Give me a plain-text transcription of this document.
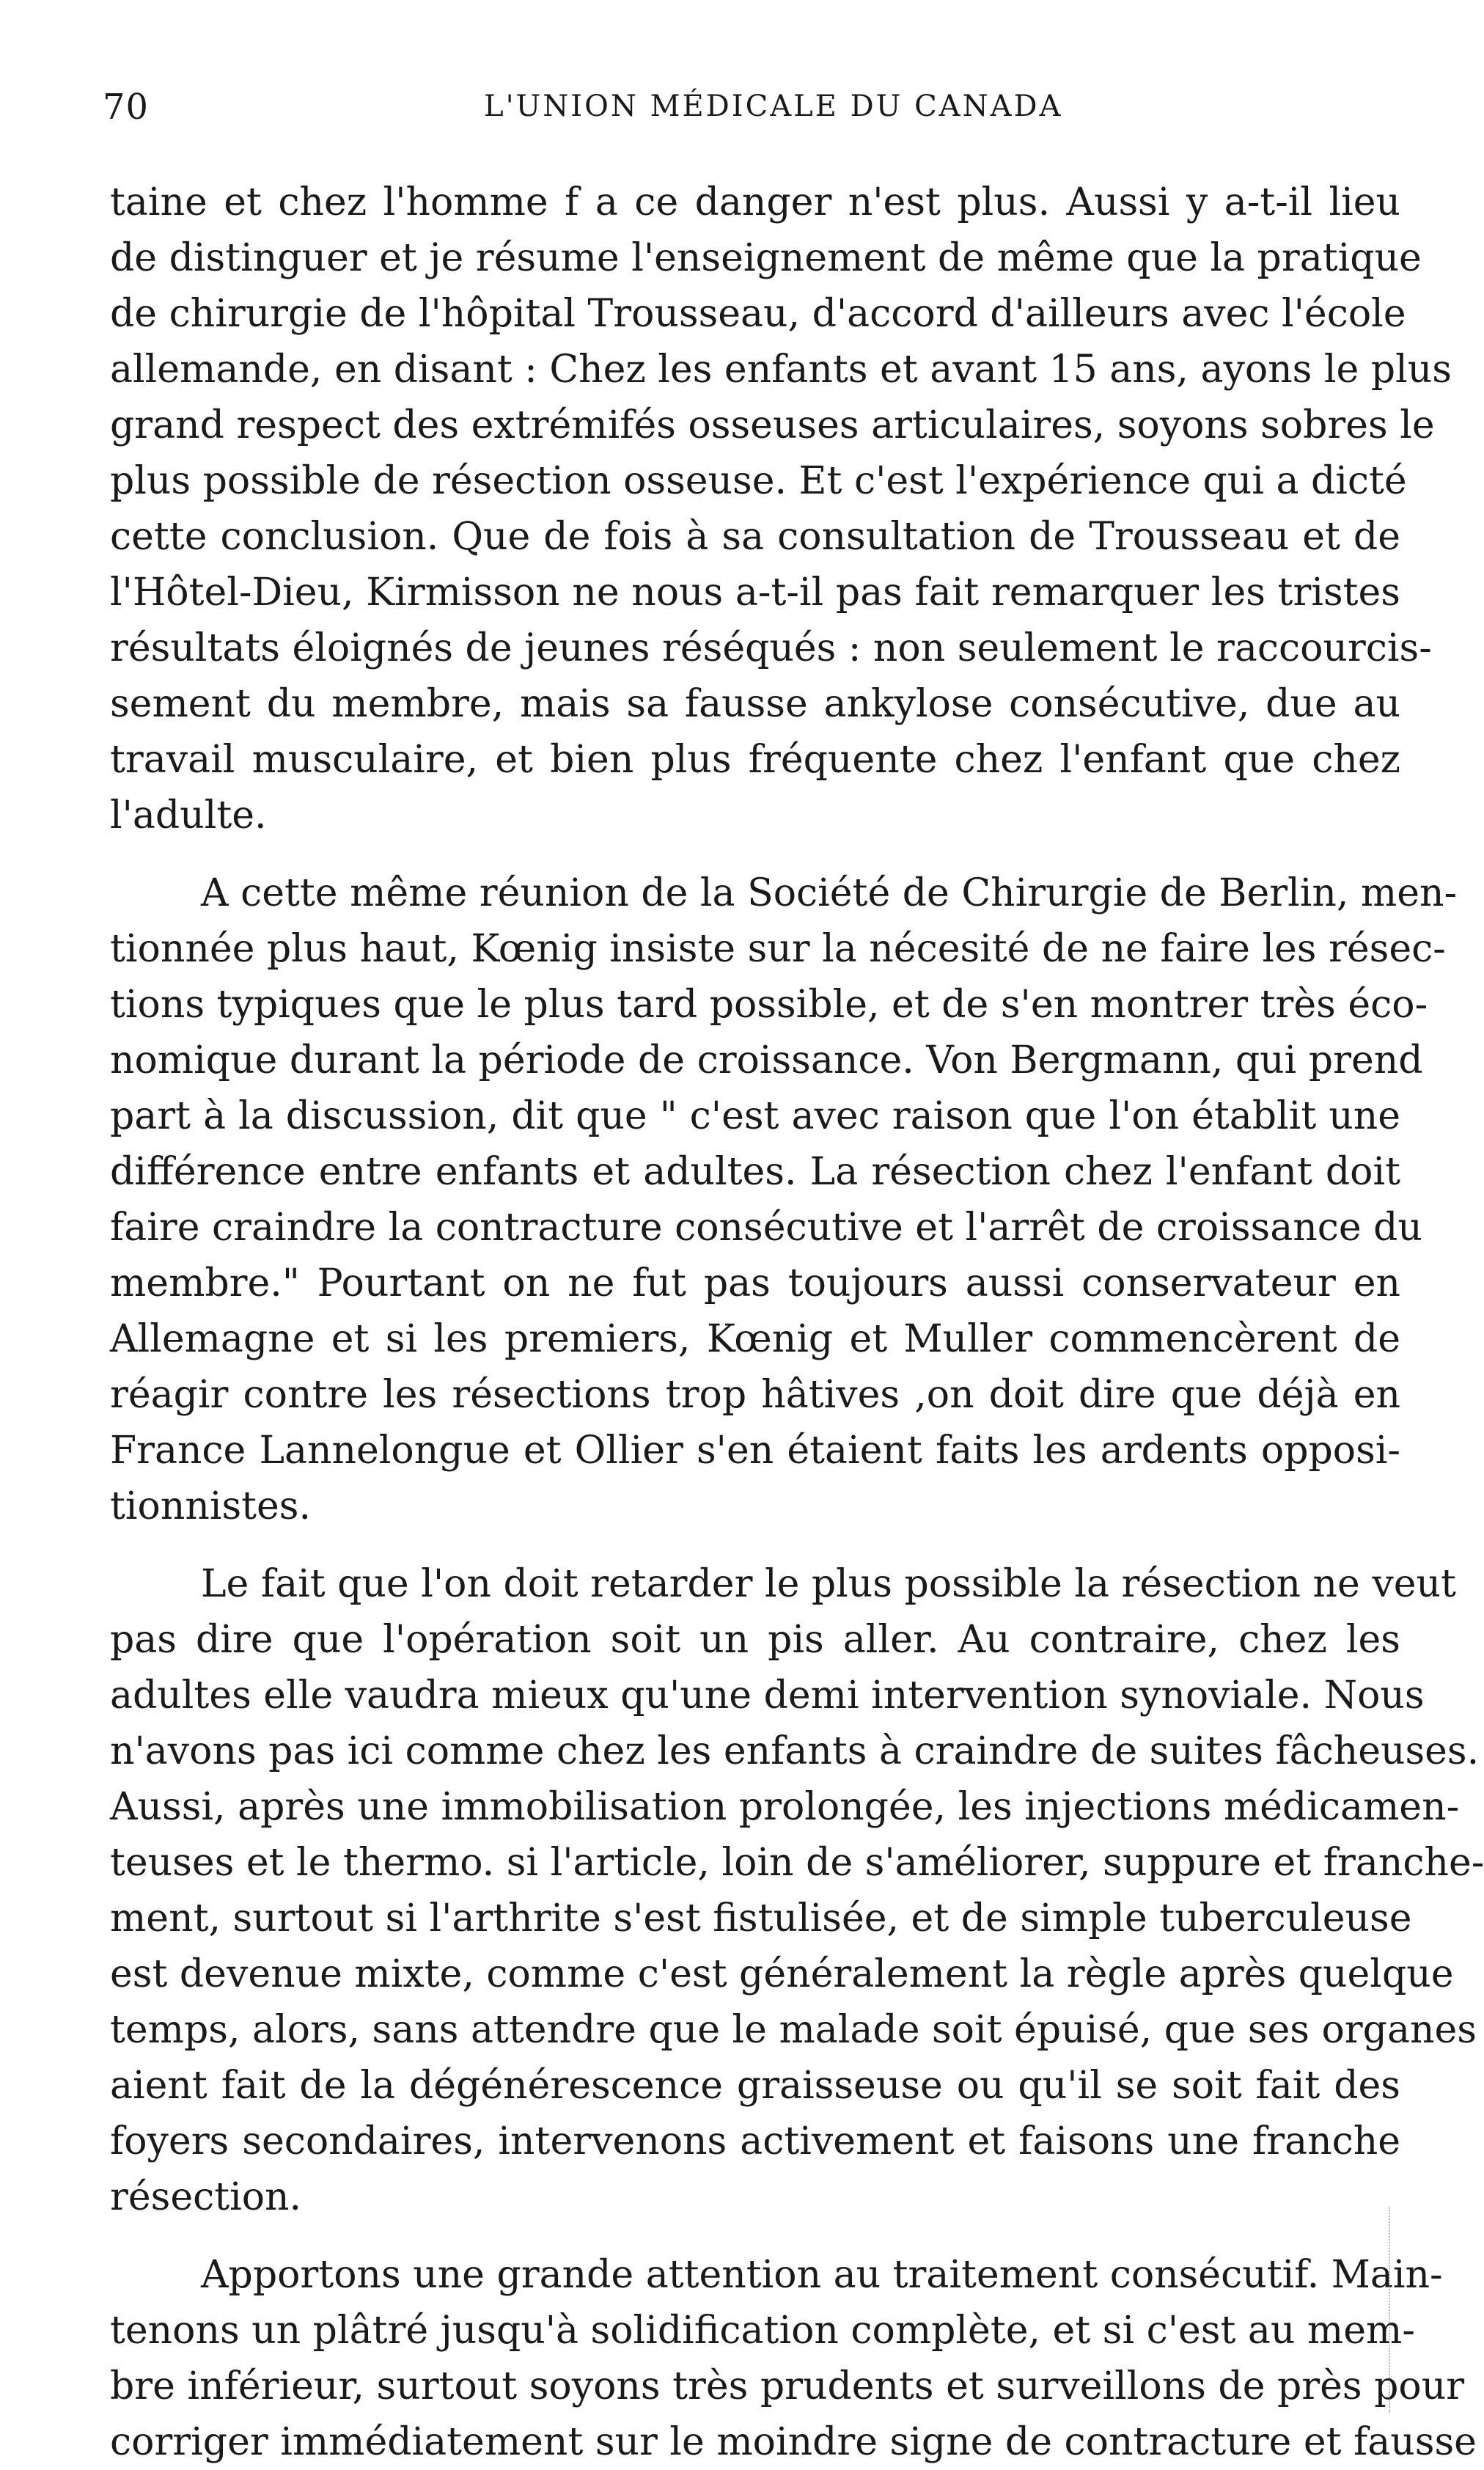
70	L'UNION MÉDICALE DU CANADA
taine et chez l'homme f a ce danger n'est plus. Aussi y a-t-il lieu
de distinguer et je résume l'enseignement de même que la pratique
de chirurgie de l'hôpital Trousseau, d'accord d'ailleurs avec l'école
allemande, en disant : Chez les enfants et avant 15 ans, ayons le plus
grand respect des extrémifés osseuses articulaires, soyons sobres le
plus possible de résection osseuse. Et c'est l'expérience qui a dicté
cette conclusion. Que de fois à sa consultation de Trousseau et de
l'Hôtel-Dieu, Kirmisson ne nous a-t-il pas fait remarquer les tristes
résultats éloignés de jeunes réséqués : non seulement le raccourcis-
sement du membre, mais sa fausse ankylose consécutive, due au
travail musculaire, et bien plus fréquente chez l'enfant que chez
l'adulte.
A cette même réunion de la Société de Chirurgie de Berlin, men-
tionnée plus haut, Kœnig insiste sur la nécesité de ne faire les résec-
tions typiques que le plus tard possible, et de s'en montrer très éco-
nomique durant la période de croissance. Von Bergmann, qui prend
part à la discussion, dit que " c'est avec raison que l'on établit une
différence entre enfants et adultes. La résection chez l'enfant doit
faire craindre la contracture consécutive et l'arrêt de croissance du
membre." Pourtant on ne fut pas toujours aussi conservateur en
Allemagne et si les premiers, Kœnig et Muller commencèrent de
réagir contre les résections trop hâtives ,on doit dire que déjà en
France Lannelongue et Ollier s'en étaient faits les ardents opposi-
tionnistes.
Le fait que l'on doit retarder le plus possible la résection ne veut
pas dire que l'opération soit un pis aller. Au contraire, chez les
adultes elle vaudra mieux qu'une demi intervention synoviale. Nous
n'avons pas ici comme chez les enfants à craindre de suites fâcheuses.
Aussi, après une immobilisation prolongée, les injections médicamen-
teuses et le thermo. si l'article, loin de s'améliorer, suppure et franche-
ment, surtout si l'arthrite s'est fistulisée, et de simple tuberculeuse
est devenue mixte, comme c'est généralement la règle après quelque
temps, alors, sans attendre que le malade soit épuisé, que ses organes
aient fait de la dégénérescence graisseuse ou qu'il se soit fait des
foyers secondaires, intervenons activement et faisons une franche
résection.
Apportons une grande attention au traitement consécutif. Main-
tenons un plâtré jusqu'à solidification complète, et si c'est au mem-
bre inférieur, surtout soyons très prudents et surveillons de près pour
corriger immédiatement sur le moindre signe de contracture et fausse
